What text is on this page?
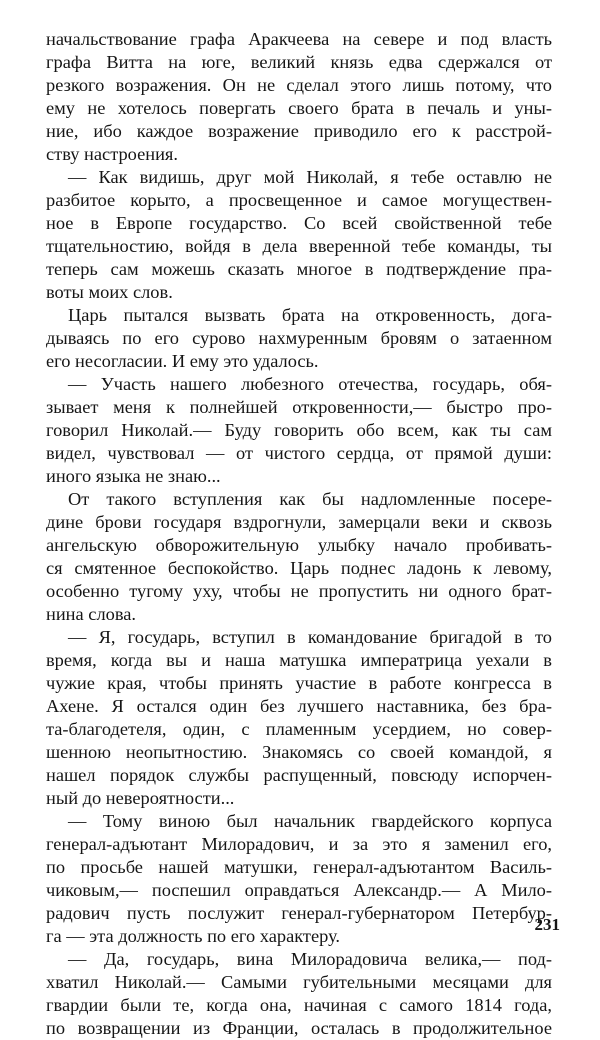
начальствование графа Аракчеева на севере и под власть
графа Витта на юге, великий князь едва сдержался от
резкого возражения. Он не сделал этого лишь потому, что
ему не хотелось повергать своего брата в печаль и уны-
ние, ибо каждое возражение приводило его к расстрой-
ству настроения.
— Как видишь, друг мой Николай, я тебе оставлю не
разбитое корыто, а просвещенное и самое могуществен-
ное в Европе государство. Со всей свойственной тебе
тщательностию, войдя в дела вверенной тебе команды, ты
теперь сам можешь сказать многое в подтверждение пра-
воты моих слов.
Царь пытался вызвать брата на откровенность, дога-
дываясь по его сурово нахмуренным бровям о затаенном
его несогласии. И ему это удалось.
— Участь нашего любезного отечества, государь, обя-
зывает меня к полнейшей откровенности,— быстро про-
говорил Николай.— Буду говорить обо всем, как ты сам
видел, чувствовал — от чистого сердца, от прямой души:
иного языка не знаю...
От такого вступления как бы надломленные посере-
дине брови государя вздрогнули, замерцали веки и сквозь
ангельскую обворожительную улыбку начало пробивать-
ся смятенное беспокойство. Царь поднес ладонь к левому,
особенно тугому уху, чтобы не пропустить ни одного брат-
нина слова.
— Я, государь, вступил в командование бригадой в то
время, когда вы и наша матушка императрица уехали в
чужие края, чтобы принять участие в работе конгресса в
Ахене. Я остался один без лучшего наставника, без бра-
та-благодетеля, один, с пламенным усердием, но совер-
шенною неопытностию. Знакомясь со своей командой, я
нашел порядок службы распущенный, повсюду испорчен-
ный до невероятности...
— Тому виною был начальник гвардейского корпуса
генерал-адъютант Милорадович, и за это я заменил его,
по просьбе нашей матушки, генерал-адъютантом Василь-
чиковым,— поспешил оправдаться Александр.— А Мило-
радович пусть послужит генерал-губернатором Петербур-
га — эта должность по его характеру.
— Да, государь, вина Милорадовича велика,— под-
хватил Николай.— Самыми губительными месяцами для
гвардии были те, когда она, начиная с самого 1814 года,
по возвращении из Франции, осталась в продолжительное
231
